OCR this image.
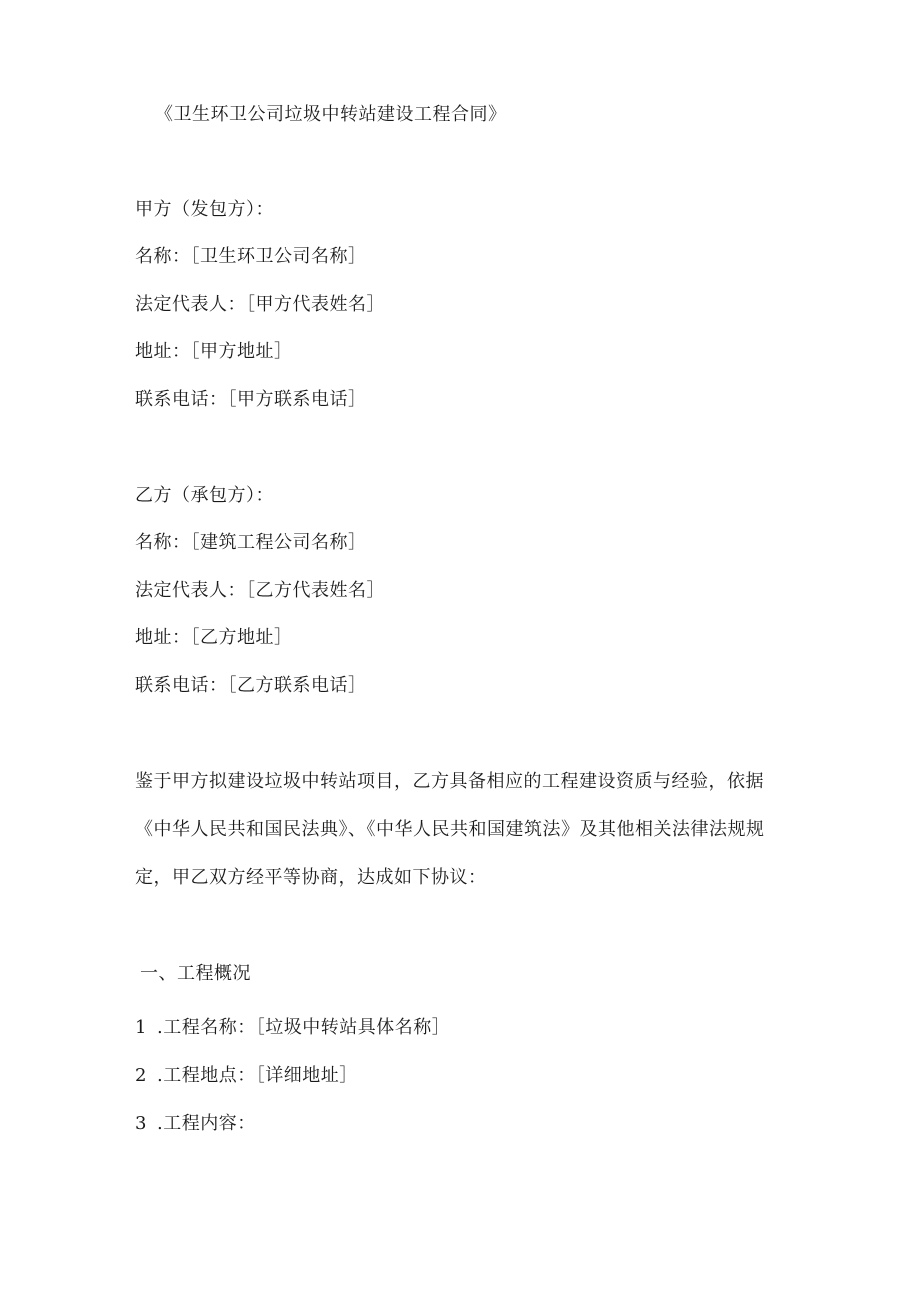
《卫生环卫公司垃圾中转站建设工程合同》
甲方（发包方）：
名称：［卫生环卫公司名称］
法定代表人：［甲方代表姓名］
地址：［甲方地址］
联系电话：［甲方联系电话］
乙方（承包方）：
名称：［建筑工程公司名称］
法定代表人：［乙方代表姓名］
地址：［乙方地址］
联系电话：［乙方联系电话］
鉴于甲方拟建设垃圾中转站项目，乙方具备相应的工程建设资质与经验，依据
《中华人民共和国民法典》、《中华人民共和国建筑法》及其他相关法律法规规
定，甲乙双方经平等协商，达成如下协议：
一、工程概况
1 .工程名称：［垃圾中转站具体名称］
2 .工程地点：［详细地址］
3 .工程内容：
